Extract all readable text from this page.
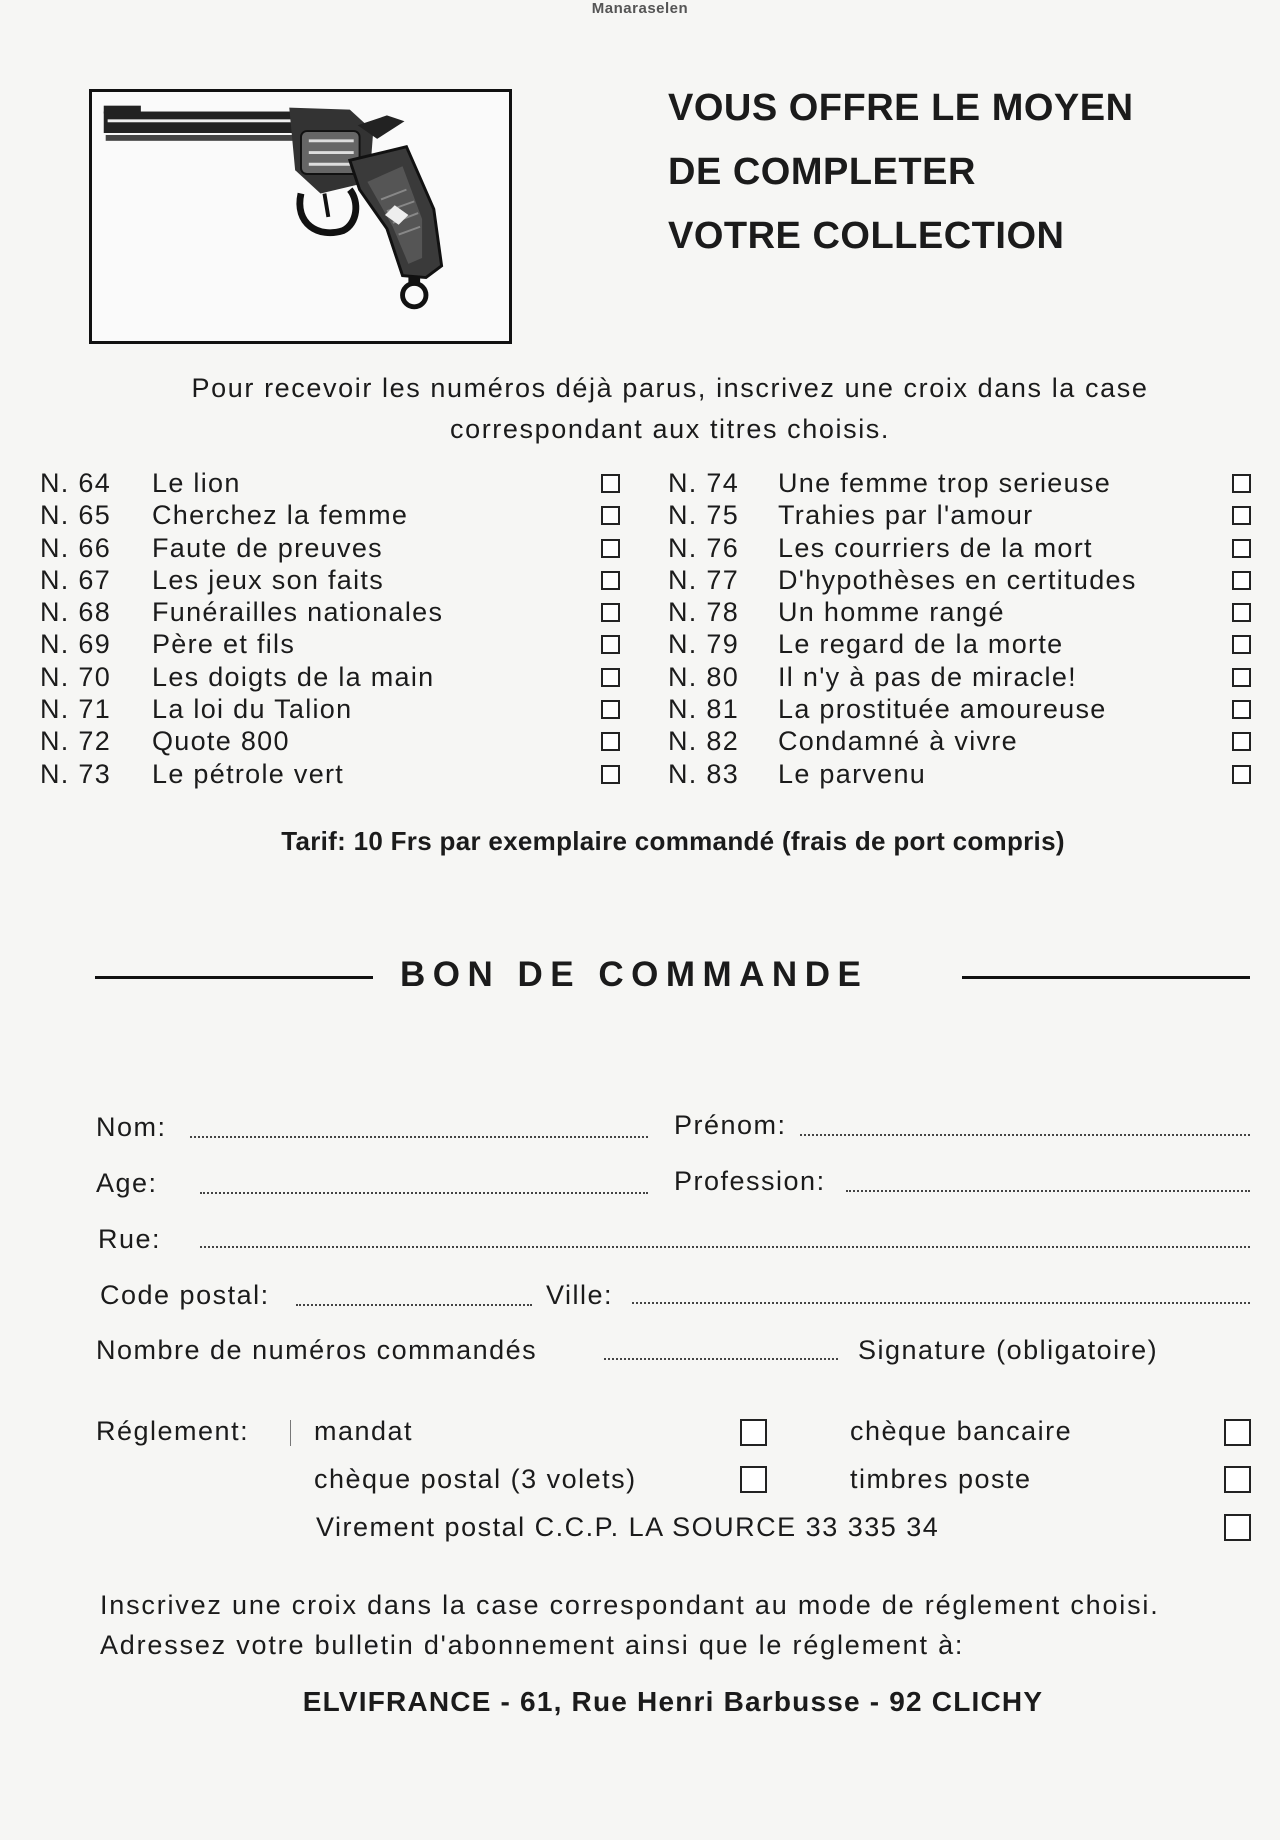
Manaraselen
VOUS OFFRE LE MOYEN
DE COMPLETER
VOTRE COLLECTION
Pour recevoir les numéros déjà parus, inscrivez une croix dans la case
correspondant aux titres choisis.
N. 64 Le lion
N. 65 Cherchez la femme
N. 66 Faute de preuves
N. 67 Les jeux son faits
N. 68 Funérailles nationales
N. 69 Père et fils
N. 70 Les doigts de la main
N. 71 La loi du Talion
N. 72 Quote 800
N. 73 Le pétrole vert
N. 74 Une femme trop serieuse
N. 75 Trahies par l'amour
N. 76 Les courriers de la mort
N. 77 D'hypothèses en certitudes
N. 78 Un homme rangé
N. 79 Le regard de la morte
N. 80 Il n'y à pas de miracle!
N. 81 La prostituée amoureuse
N. 82 Condamné à vivre
N. 83 Le parvenu
Tarif: 10 Frs par exemplaire commandé (frais de port compris)
BON DE COMMANDE
Nom:	Prénom:
Age:	Profession:
Rue:
Code postal:	Ville:
Nombre de numéros commandés	Signature (obligatoire)
Réglement: mandat	chèque bancaire
chèque postal (3 volets)	timbres poste
Virement postal C.C.P. LA SOURCE 33 335 34
Inscrivez une croix dans la case correspondant au mode de réglement choisi.
Adressez votre bulletin d'abonnement ainsi que le réglement à:
ELVIFRANCE - 61, Rue Henri Barbusse - 92 CLICHY
